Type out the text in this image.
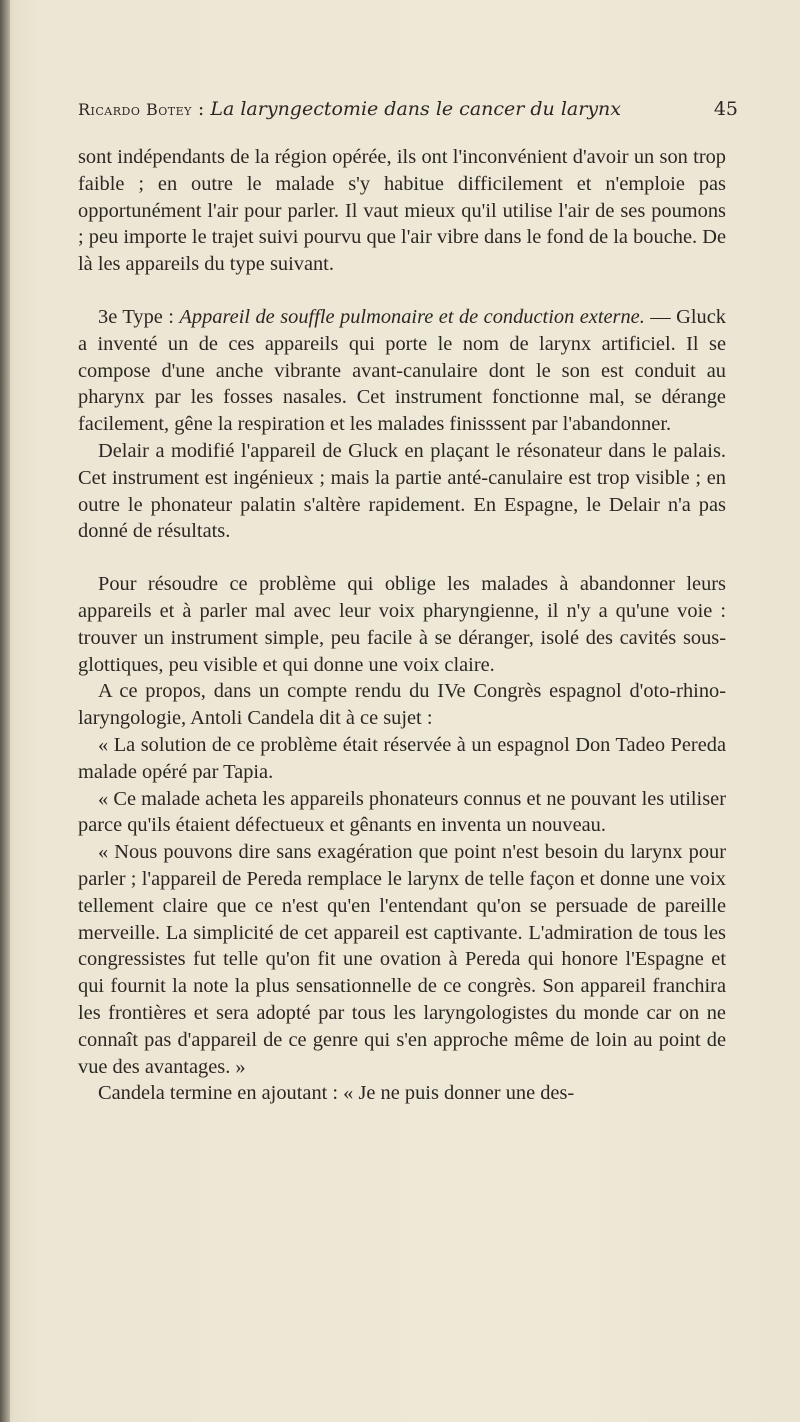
Ricardo Botey : La laryngectomie dans le cancer du larynx	45

sont indépendants de la région opérée, ils ont l'inconvénient d'avoir un son trop faible ; en outre le malade s'y habitue difficilement et n'emploie pas opportunément l'air pour parler. Il vaut mieux qu'il utilise l'air de ses poumons ; peu importe le trajet suivi pourvu que l'air vibre dans le fond de la bouche. De là les appareils du type suivant.

3e Type : Appareil de souffle pulmonaire et de conduction externe. — Gluck a inventé un de ces appareils qui porte le nom de larynx artificiel. Il se compose d'une anche vibrante avant-canulaire dont le son est conduit au pharynx par les fosses nasales. Cet instrument fonctionne mal, se dérange facilement, gêne la respiration et les malades finisssent par l'abandonner.

Delair a modifié l'appareil de Gluck en plaçant le résonateur dans le palais. Cet instrument est ingénieux ; mais la partie anté-canulaire est trop visible ; en outre le phonateur palatin s'altère rapidement. En Espagne, le Delair n'a pas donné de résultats.

Pour résoudre ce problème qui oblige les malades à abandonner leurs appareils et à parler mal avec leur voix pharyngienne, il n'y a qu'une voie : trouver un instrument simple, peu facile à se déranger, isolé des cavités sous-glottiques, peu visible et qui donne une voix claire.

A ce propos, dans un compte rendu du IVe Congrès espagnol d'oto-rhino-laryngologie, Antoli Candela dit à ce sujet :

« La solution de ce problème était réservée à un espagnol Don Tadeo Pereda malade opéré par Tapia.

« Ce malade acheta les appareils phonateurs connus et ne pouvant les utiliser parce qu'ils étaient défectueux et gênants en inventa un nouveau.

« Nous pouvons dire sans exagération que point n'est besoin du larynx pour parler ; l'appareil de Pereda remplace le larynx de telle façon et donne une voix tellement claire que ce n'est qu'en l'entendant qu'on se persuade de pareille merveille. La simplicité de cet appareil est captivante. L'admiration de tous les congressistes fut telle qu'on fit une ovation à Pereda qui honore l'Espagne et qui fournit la note la plus sensationnelle de ce congrès. Son appareil franchira les frontières et sera adopté par tous les laryngologistes du monde car on ne connaît pas d'appareil de ce genre qui s'en approche même de loin au point de vue des avantages. »

Candela termine en ajoutant : « Je ne puis donner une des-
